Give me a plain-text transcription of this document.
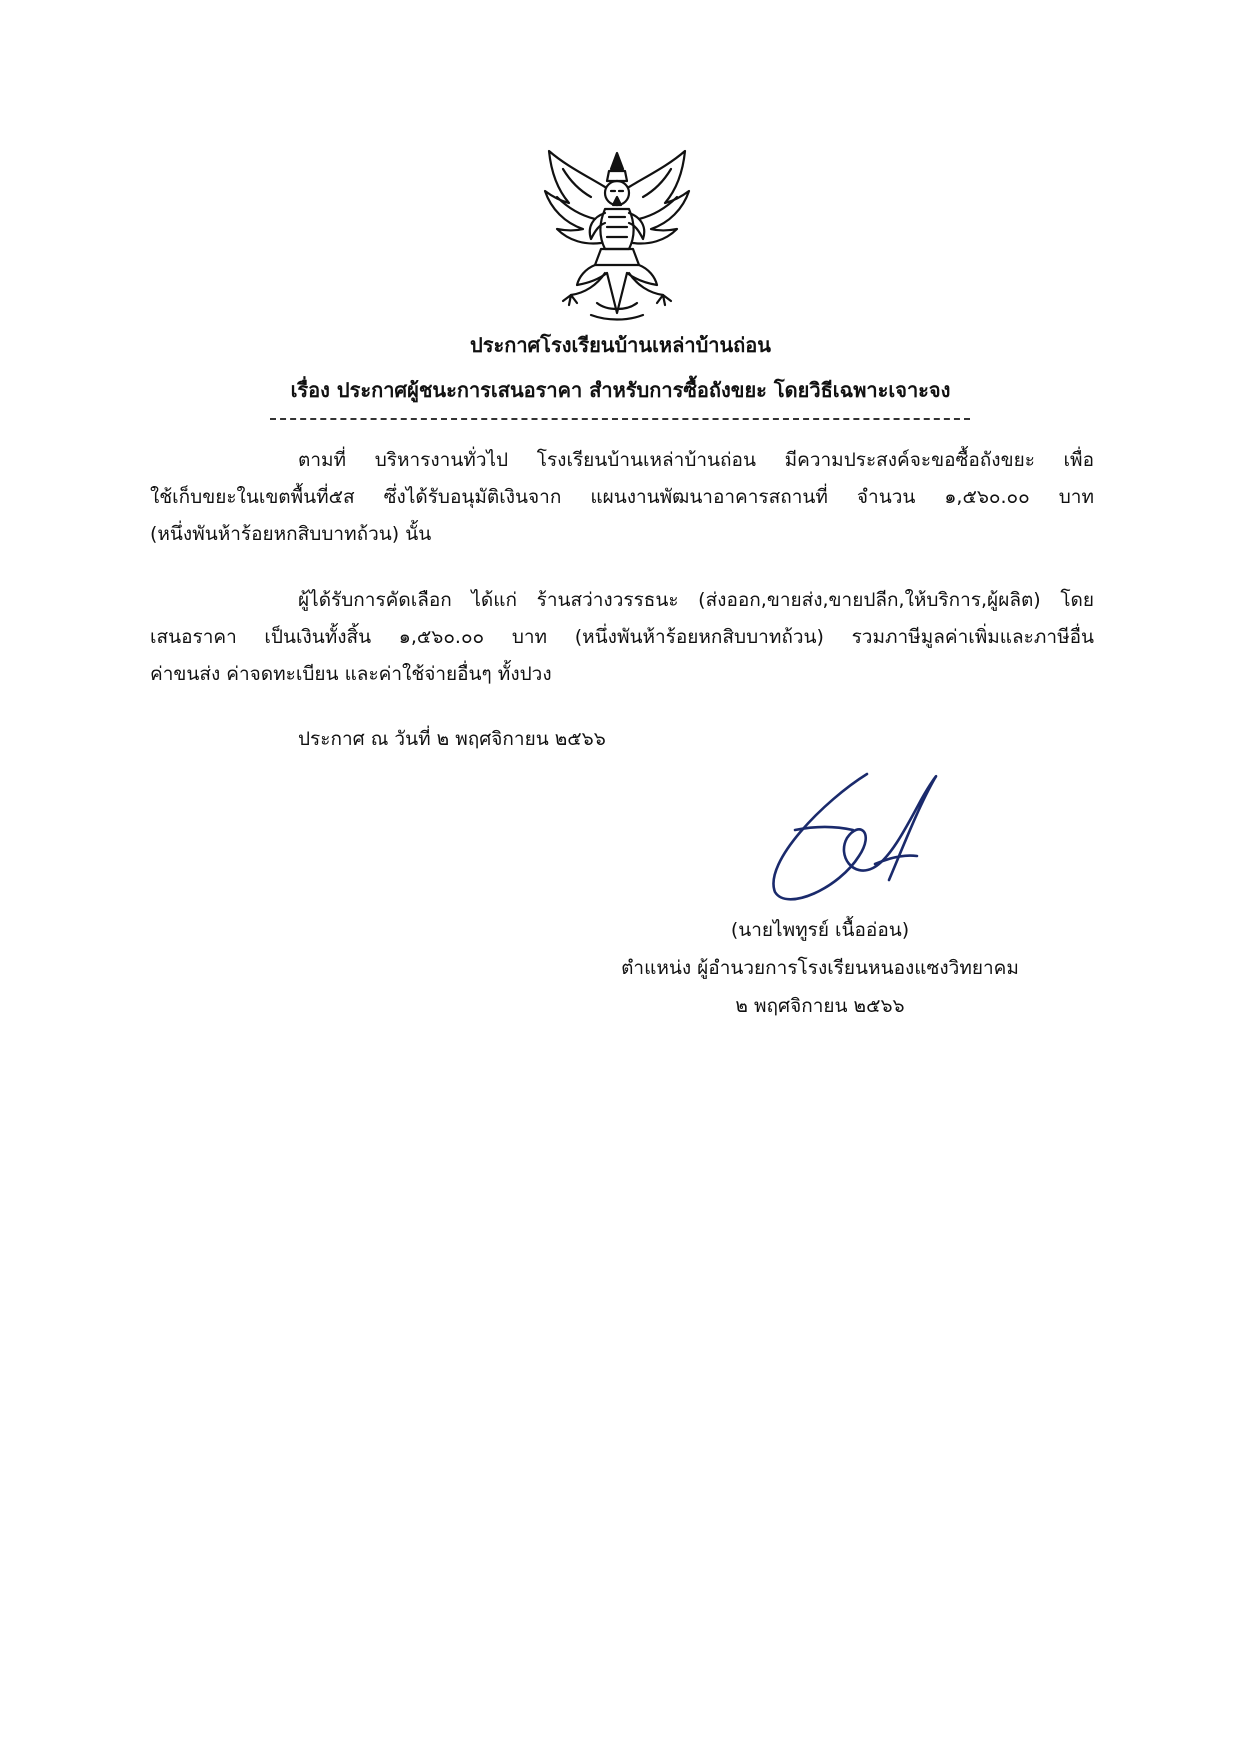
ประกาศโรงเรียนบ้านเหล่าบ้านถ่อน
เรื่อง ประกาศผู้ชนะการเสนอราคา สำหรับการซื้อถังขยะ โดยวิธีเฉพาะเจาะจง
ตามที่ บริหารงานทั่วไป โรงเรียนบ้านเหล่าบ้านถ่อน มีความประสงค์จะขอซื้อถังขยะ เพื่อ
ใช้เก็บขยะในเขตพื้นที่๕ส ซึ่งได้รับอนุมัติเงินจาก แผนงานพัฒนาอาคารสถานที่ จำนวน ๑,๕๖๐.๐๐ บาท
(หนึ่งพันห้าร้อยหกสิบบาทถ้วน) นั้น
ผู้ได้รับการคัดเลือก ได้แก่ ร้านสว่างวรรธนะ (ส่งออก,ขายส่ง,ขายปลีก,ให้บริการ,ผู้ผลิต) โดย
เสนอราคา เป็นเงินทั้งสิ้น ๑,๕๖๐.๐๐ บาท (หนึ่งพันห้าร้อยหกสิบบาทถ้วน) รวมภาษีมูลค่าเพิ่มและภาษีอื่น
ค่าขนส่ง ค่าจดทะเบียน และค่าใช้จ่ายอื่นๆ ทั้งปวง
ประกาศ ณ วันที่ ๒ พฤศจิกายน ๒๕๖๖
(นายไพทูรย์ เนื้ออ่อน)
ตำแหน่ง ผู้อำนวยการโรงเรียนหนองแซงวิทยาคม
๒ พฤศจิกายน ๒๕๖๖
